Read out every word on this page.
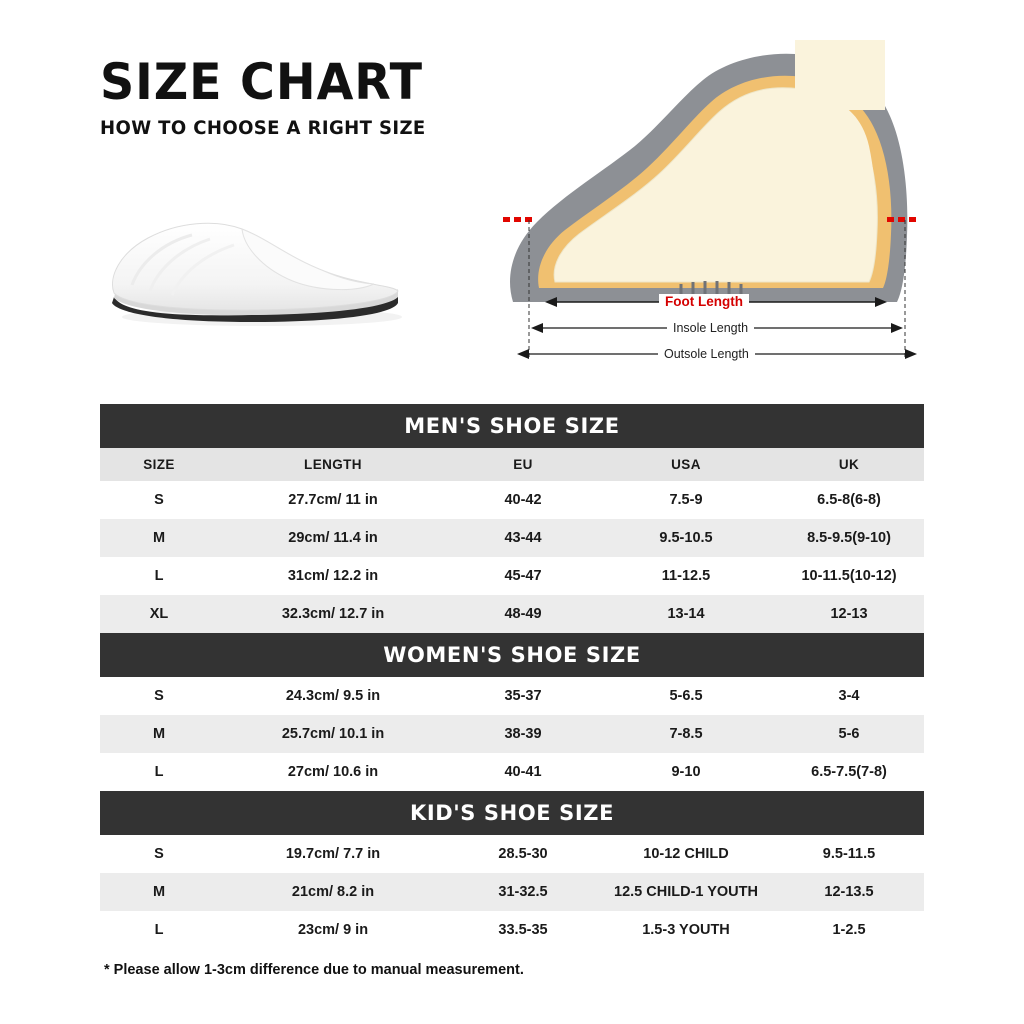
SIZE CHART
HOW TO CHOOSE A RIGHT SIZE
Foot Length
Insole Length
Outsole Length
MEN'S SHOE SIZE				
SIZE	LENGTH	EU	USA	UK
S	27.7cm/ 11 in	40-42	7.5-9	6.5-8(6-8)
M	29cm/ 11.4 in	43-44	9.5-10.5	8.5-9.5(9-10)
L	31cm/ 12.2 in	45-47	11-12.5	10-11.5(10-12)
XL	32.3cm/ 12.7 in	48-49	13-14	12-13
WOMEN'S SHOE SIZE				
S	24.3cm/ 9.5 in	35-37	5-6.5	3-4
M	25.7cm/ 10.1 in	38-39	7-8.5	5-6
L	27cm/ 10.6 in	40-41	9-10	6.5-7.5(7-8)
KID'S SHOE SIZE				
S	19.7cm/ 7.7 in	28.5-30	10-12 CHILD	9.5-11.5
M	21cm/ 8.2 in	31-32.5	12.5 CHILD-1 YOUTH	12-13.5
L	23cm/ 9 in	33.5-35	1.5-3 YOUTH	1-2.5
* Please allow 1-3cm difference due to manual measurement.
